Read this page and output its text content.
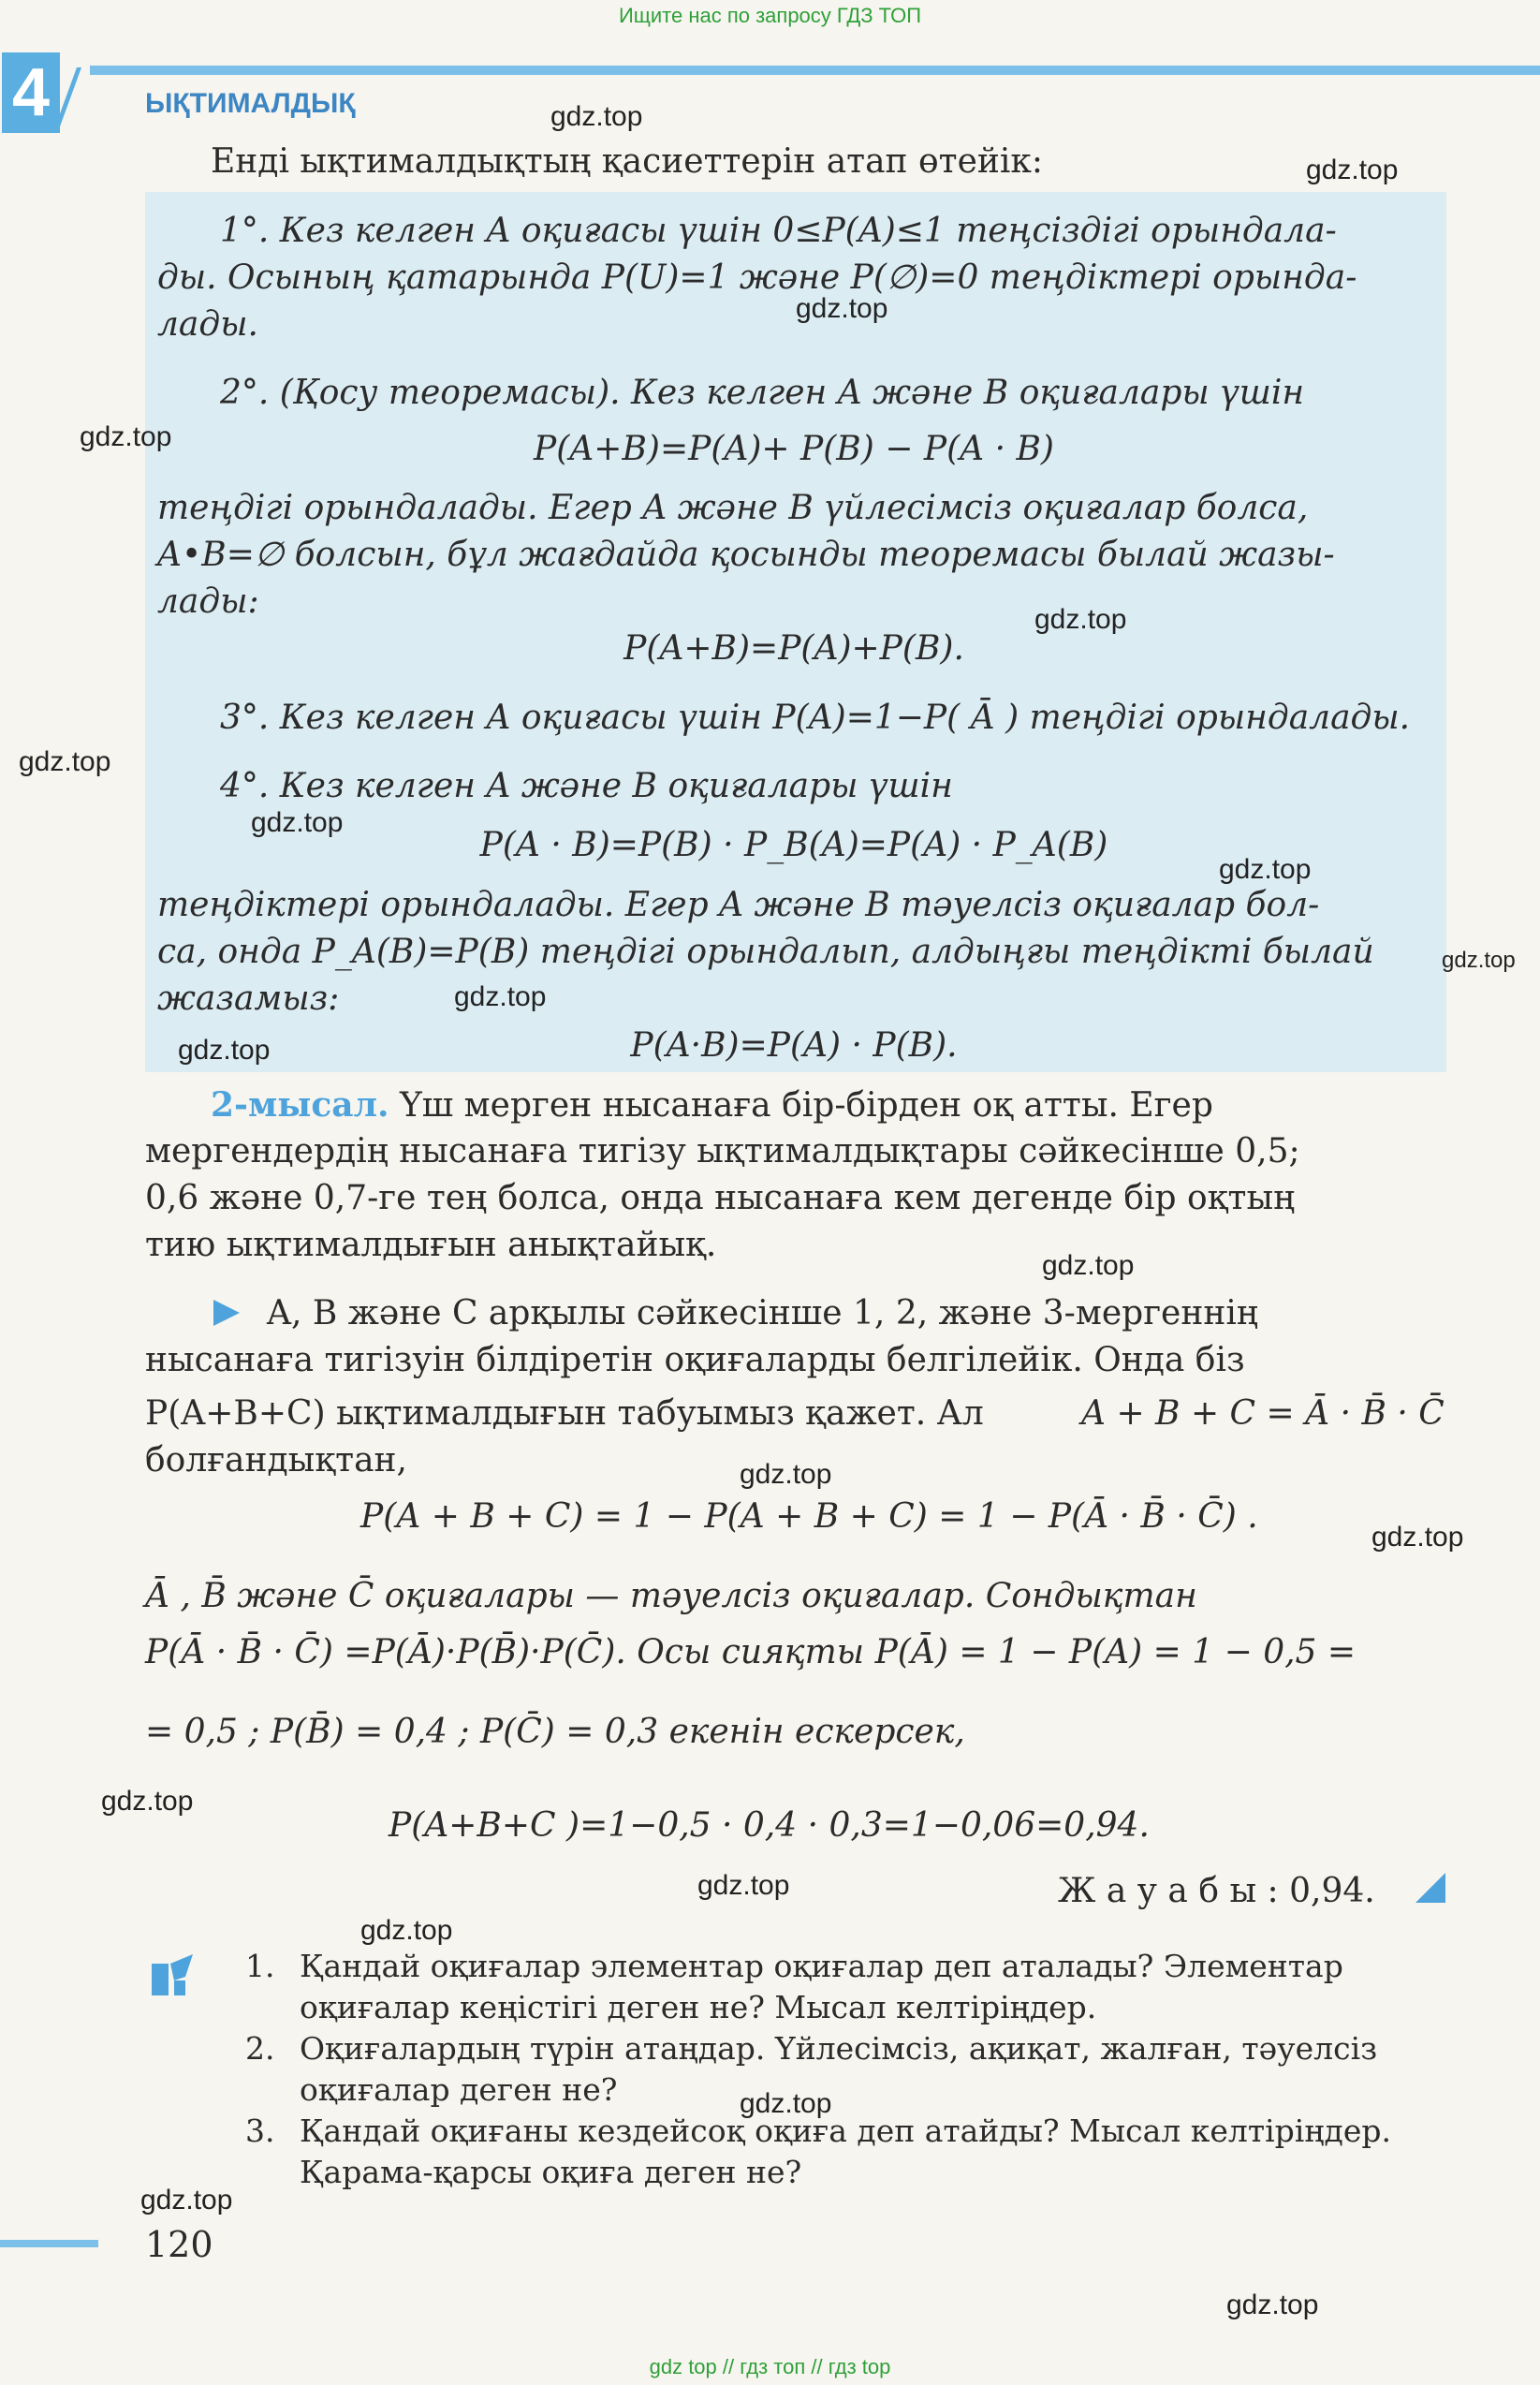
Ищите нас по запросу ГДЗ ТОП
4	ЫҚТИМАЛДЫҚ
Енді ықтималдықтың қасиеттерін атап өтейік:
1°. Кез келген A оқиғасы үшін 0≤P(A)≤1 теңсіздігі орындала-
ды. Осының қатарында P(U)=1 және P(∅)=0 теңдіктері орында-
лады.
2°. (Қосу теоремасы). Кез келген A және B оқиғалары үшін
P(A+B)=P(A)+ P(B) − P(A · B)
теңдігі орындалады. Егер A және B үйлесімсіз оқиғалар болса,
A•B=∅ болсын, бұл жағдайда қосынды теоремасы былай жазы-
лады:
P(A+B)=P(A)+P(B).
3°. Кез келген A оқиғасы үшін P(A)=1−P( Ā ) теңдігі орындалады.
4°. Кез келген A және B оқиғалары үшін
P(A · B)=P(B) · P_B(A)=P(A) · P_A(B)
теңдіктері орындалады. Егер A және B тәуелсіз оқиғалар бол-
са, онда P_A(B)=P(B) теңдігі орындалып, алдыңғы теңдікті былай
жазамыз:
P(A·B)=P(A) · P(B).
2-мысал. Үш мерген нысанаға бір-бірден оқ атты. Егер
мергендердің нысанаға тигізу ықтималдықтары сәйкесінше 0,5;
0,6 және 0,7-ге тең болса, онда нысанаға кем дегенде бір оқтың
тию ықтималдығын анықтайық.
A, B және C арқылы сәйкесінше 1, 2, және 3-мергеннің
нысанаға тигізуін білдіретін оқиғаларды белгілейік. Онда біз
P(A+B+C) ықтималдығын табуымыз қажет. Ал	A + B + C = Ā · B̄ · C̄
болғандықтан,
P(A + B + C) = 1 − P(A + B + C) = 1 − P(Ā · B̄ · C̄) .
Ā , B̄ және C̄ оқиғалары — тәуелсіз оқиғалар. Сондықтан
P(Ā · B̄ · C̄) =P(Ā)·P(B̄)·P(C̄). Осы сияқты P(Ā) = 1 − P(A) = 1 − 0,5 =
= 0,5 ; P(B̄) = 0,4 ; P(C̄) = 0,3 екенін ескерсек,
P(A+B+C )=1−0,5 · 0,4 · 0,3=1−0,06=0,94.
Ж а у а б ы : 0,94.
1. Қандай оқиғалар элементар оқиғалар деп аталады? Элементар
оқиғалар кеңістігі деген не? Мысал келтіріңдер.
2. Оқиғалардың түрін атаңдар. Үйлесімсіз, ақиқат, жалған, тәуелсіз
оқиғалар деген не?
3. Қандай оқиғаны кездейсоқ оқиға деп атайды? Мысал келтіріңдер.
Қарама-қарсы оқиға деген не?
120
gdz.top
gdz.top
gdz.top
gdz.top
gdz.top
gdz.top
gdz.top
gdz.top
gdz.top
gdz.top
gdz.top
gdz.top
gdz.top
gdz.top
gdz.top
gdz.top
gdz.top
gdz.top
gdz.top
gdz.top
gdz top // гдз топ // гдз top
